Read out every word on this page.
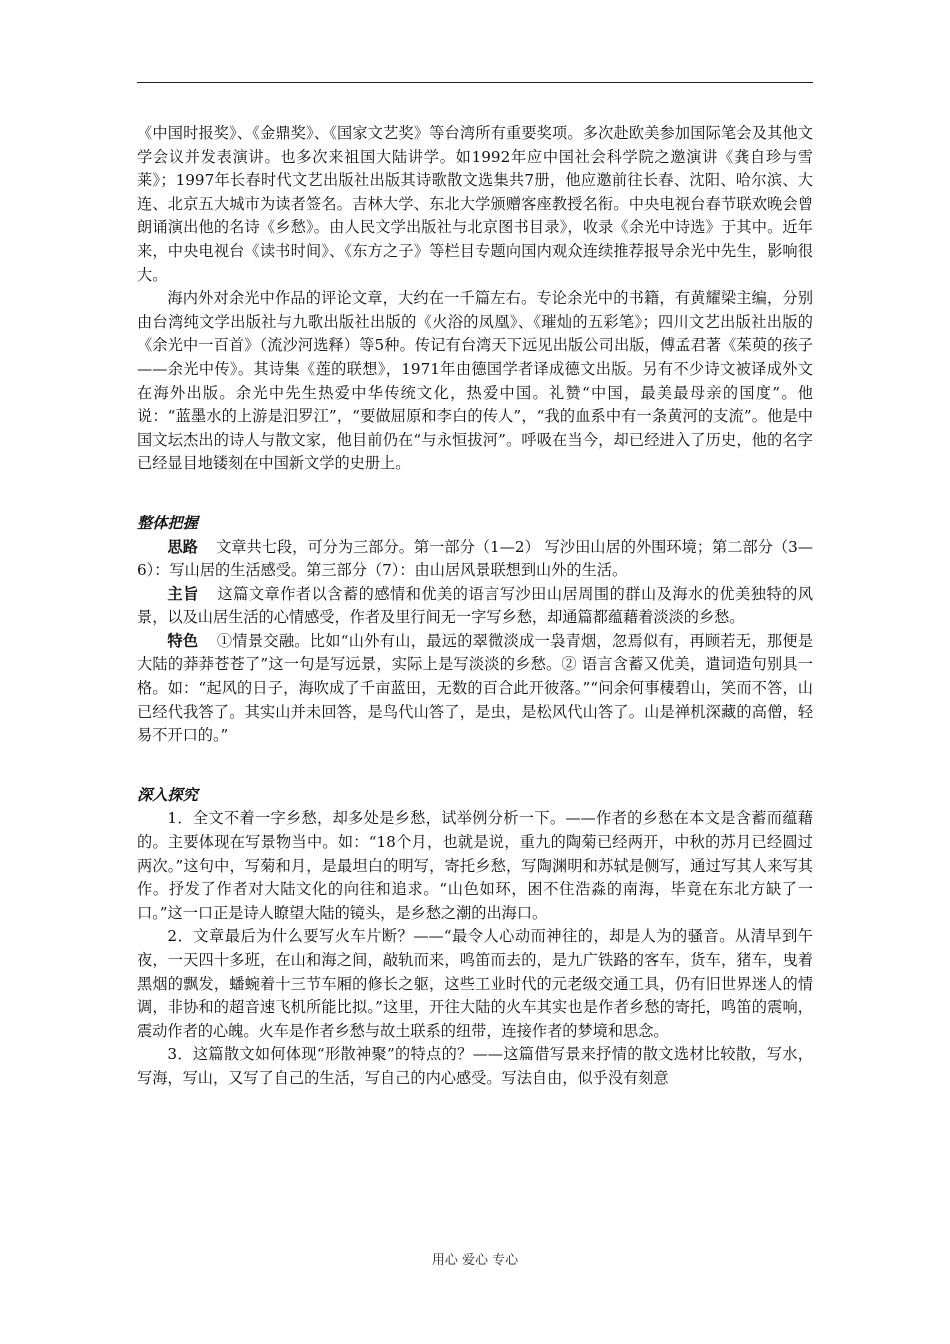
《中国时报奖》、《金鼎奖》、《国家文艺奖》等台湾所有重要奖项。多次赴欧美参加国际笔会及其他文学会议并发表演讲。也多次来祖国大陆讲学。如1992年应中国社会科学院之邀演讲《龚自珍与雪莱》；1997年长春时代文艺出版社出版其诗歌散文选集共7册，他应邀前往长春、沈阳、哈尔滨、大连、北京五大城市为读者签名。吉林大学、东北大学颁赠客座教授名衔。中央电视台春节联欢晚会曾朗诵演出他的名诗《乡愁》。由人民文学出版社与北京图书目录》，收录《余光中诗选》于其中。近年来，中央电视台《读书时间》、《东方之子》等栏目专题向国内观众连续推荐报导余光中先生，影响很大。

海内外对余光中作品的评论文章，大约在一千篇左右。专论余光中的书籍，有黄耀梁主编，分别由台湾纯文学出版社与九歌出版社出版的《火浴的凤凰》、《璀灿的五彩笔》；四川文艺出版社出版的《余光中一百首》（流沙河选释）等5种。传记有台湾天下远见出版公司出版，傅孟君著《茱萸的孩子——余光中传》。其诗集《莲的联想》，1971年由德国学者译成德文出版。另有不少诗文被译成外文在海外出版。余光中先生热爱中华传统文化，热爱中国。礼赞“中国，最美最母亲的国度”。他说：“蓝墨水的上游是汨罗江”，“要做屈原和李白的传人”，“我的血系中有一条黄河的支流”。他是中国文坛杰出的诗人与散文家，他目前仍在“与永恒拔河”。呼吸在当今，却已经进入了历史，他的名字已经显目地镂刻在中国新文学的史册上。

整体把握

思路 文章共七段，可分为三部分。第一部分（1—2） 写沙田山居的外围环境；第二部分（3—6）：写山居的生活感受。第三部分（7）：由山居风景联想到山外的生活。

主旨 这篇文章作者以含蓄的感情和优美的语言写沙田山居周围的群山及海水的优美独特的风景，以及山居生活的心情感受，作者及里行间无一字写乡愁，却通篇都蕴藉着淡淡的乡愁。

特色 ①情景交融。比如“山外有山，最远的翠微淡成一袅青烟，忽焉似有，再顾若无，那便是大陆的莽莽苍苍了”这一句是写远景，实际上是写淡淡的乡愁。② 语言含蓄又优美，遣词造句别具一格。如：“起风的日子，海吹成了千亩蓝田，无数的百合此开彼落。”“问余何事棲碧山，笑而不答，山已经代我答了。其实山并未回答，是鸟代山答了，是虫，是松风代山答了。山是禅机深藏的高僧，轻易不开口的。”

深入探究

1．全文不着一字乡愁，却多处是乡愁，试举例分析一下。——作者的乡愁在本文是含蓄而蕴藉的。主要体现在写景物当中。如：“18个月，也就是说，重九的陶菊已经两开，中秋的苏月已经圆过两次。”这句中，写菊和月，是最坦白的明写，寄托乡愁，写陶渊明和苏轼是侧写，通过写其人来写其作。抒发了作者对大陆文化的向往和追求。“山色如环，困不住浩淼的南海，毕竟在东北方缺了一口。”这一口正是诗人瞭望大陆的镜头，是乡愁之潮的出海口。

2．文章最后为什么要写火车片断？——“最令人心动而神往的，却是人为的骚音。从清早到午夜，一天四十多班，在山和海之间，敲轨而来，鸣笛而去的，是九广铁路的客车，货车，猪车，曳着黑烟的飘发，蟠蜿着十三节车厢的修长之躯，这些工业时代的元老级交通工具，仍有旧世界迷人的情调，非协和的超音速飞机所能比拟。”这里，开往大陆的火车其实也是作者乡愁的寄托，鸣笛的震响，震动作者的心魄。火车是作者乡愁与故土联系的纽带，连接作者的梦境和思念。

3．这篇散文如何体现“形散神聚”的特点的？——这篇借写景来抒情的散文选材比较散，写水，写海，写山，又写了自己的生活，写自己的内心感受。写法自由，似乎没有刻意

用心 爱心 专心
